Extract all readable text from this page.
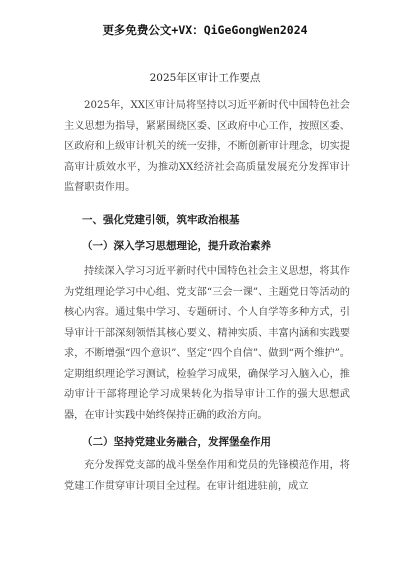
更多免费公文+VX：QiGeGongWen2024
2025年区审计工作要点

2025年，XX区审计局将坚持以习近平新时代中国特色社会主义思想为指导，紧紧围绕区委、区政府中心工作，按照区委、区政府和上级审计机关的统一安排，不断创新审计理念，切实提高审计质效水平，为推动XX经济社会高质量发展充分发挥审计监督职责作用。

一、强化党建引领，筑牢政治根基
（一）深入学习思想理论，提升政治素养

持续深入学习习近平新时代中国特色社会主义思想，将其作为党组理论学习中心组、党支部“三会一课”、主题党日等活动的核心内容。通过集中学习、专题研讨、个人自学等多种方式，引导审计干部深刻领悟其核心要义、精神实质、丰富内涵和实践要求，不断增强“四个意识”、坚定“四个自信”、做到“两个维护”。定期组织理论学习测试，检验学习成果，确保学习入脑入心，推动审计干部将理论学习成果转化为指导审计工作的强大思想武器，在审计实践中始终保持正确的政治方向。

（二）坚持党建业务融合，发挥堡垒作用

充分发挥党支部的战斗堡垒作用和党员的先锋模范作用，将党建工作贯穿审计项目全过程。在审计组进驻前，成立
